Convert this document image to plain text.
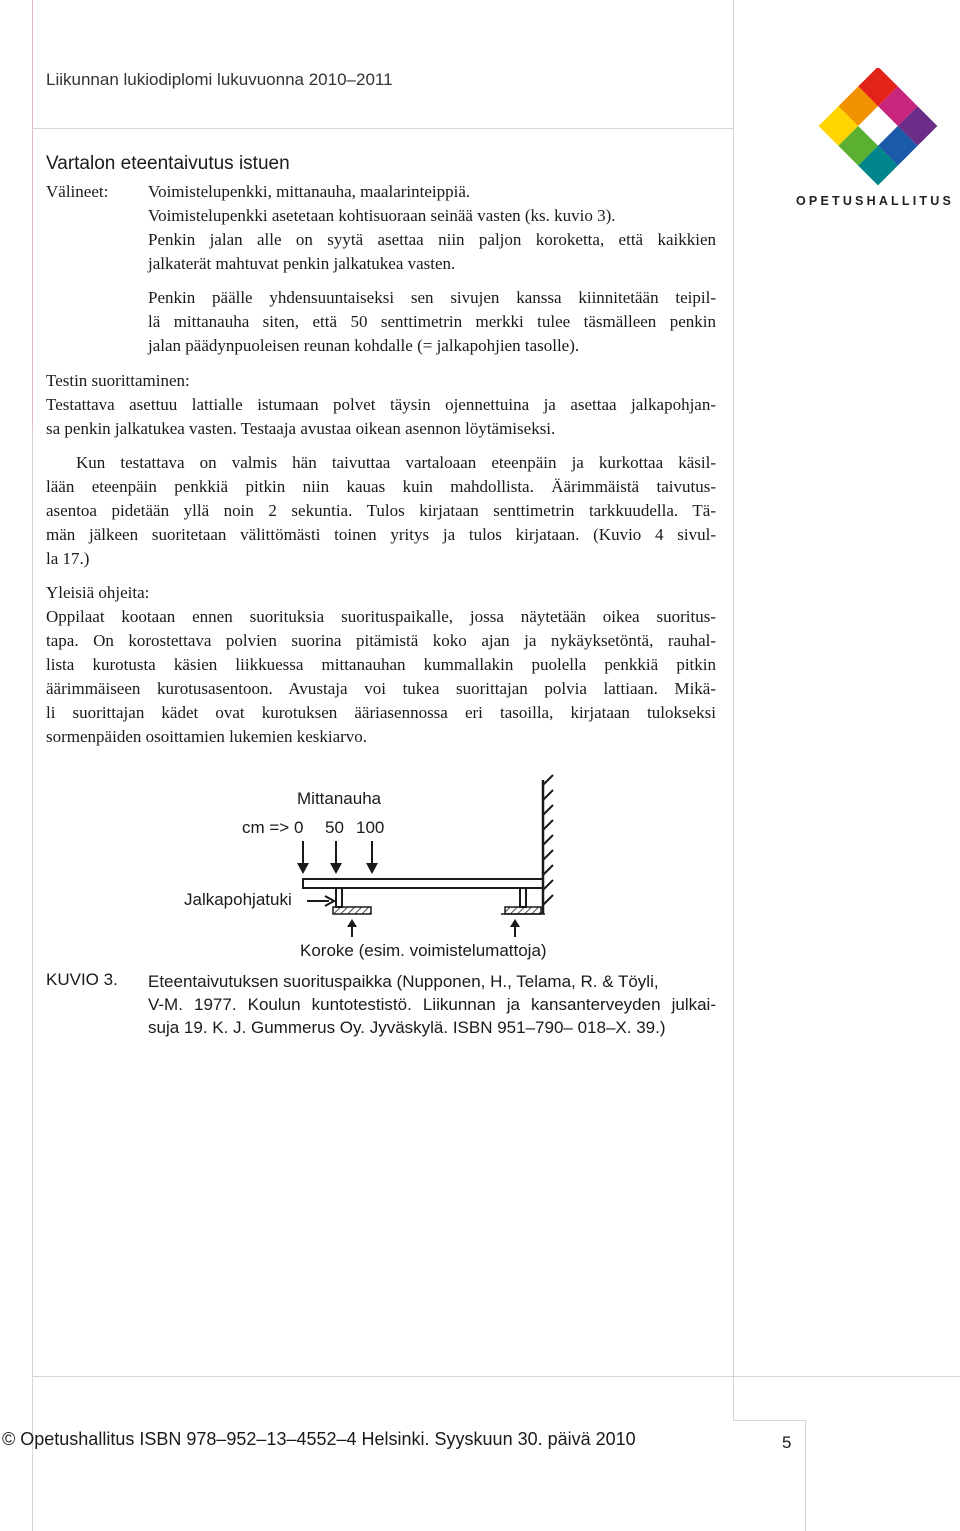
Liikunnan lukiodiplomi lukuvuonna 2010–2011
OPETUSHALLITUS
Vartalon eteentaivutus istuen
Välineet: Voimistelupenkki, mittanauha, maalarinteippiä.
Voimistelupenkki asetetaan kohtisuoraan seinää vasten (ks. kuvio 3).
Penkin jalan alle on syytä asettaa niin paljon koroketta, että kaikkien
jalkaterät mahtuvat penkin jalkatukea vasten.
Penkin päälle yhdensuuntaiseksi sen sivujen kanssa kiinnitetään teipil-
lä mittanauha siten, että 50 senttimetrin merkki tulee täsmälleen penkin
jalan päädynpuoleisen reunan kohdalle (= jalkapohjien tasolle).
Testin suorittaminen:
Testattava asettuu lattialle istumaan polvet täysin ojennettuina ja asettaa jalkapohjan-
sa penkin jalkatukea vasten. Testaaja avustaa oikean asennon löytämiseksi.
Kun testattava on valmis hän taivuttaa vartaloaan eteenpäin ja kurkottaa käsil-
lään eteenpäin penkkiä pitkin niin kauas kuin mahdollista. Äärimmäistä taivutus-
asentoa pidetään yllä noin 2 sekuntia. Tulos kirjataan senttimetrin tarkkuudella. Tä-
män jälkeen suoritetaan välittömästi toinen yritys ja tulos kirjataan. (Kuvio 4 sivul-
la 17.)
Yleisiä ohjeita:
Oppilaat kootaan ennen suorituksia suorituspaikalle, jossa näytetään oikea suoritus-
tapa. On korostettava polvien suorina pitämistä koko ajan ja nykäyksetöntä, rauhal-
lista kurotusta käsien liikkuessa mittanauhan kummallakin puolella penkkiä pitkin
äärimmäiseen kurotusasentoon. Avustaja voi tukea suorittajan polvia lattiaan. Mikä-
li suorittajan kädet ovat kurotuksen ääriasennossa eri tasoilla, kirjataan tulokseksi
sormenpäiden osoittamien lukemien keskiarvo.
Mittanauha
cm => 0 50 100
Jalkapohjatuki
Koroke (esim. voimistelumattoja)
KUVIO 3. Eteentaivutuksen suorituspaikka (Nupponen, H., Telama, R. & Töyli,
V-M. 1977. Koulun kuntotestistö. Liikunnan ja kansanterveyden julkai-
suja 19. K. J. Gummerus Oy. Jyväskylä. ISBN 951–790– 018–X. 39.)
© Opetushallitus ISBN 978–952–13–4552–4 Helsinki. Syyskuun 30. päivä 2010	5
